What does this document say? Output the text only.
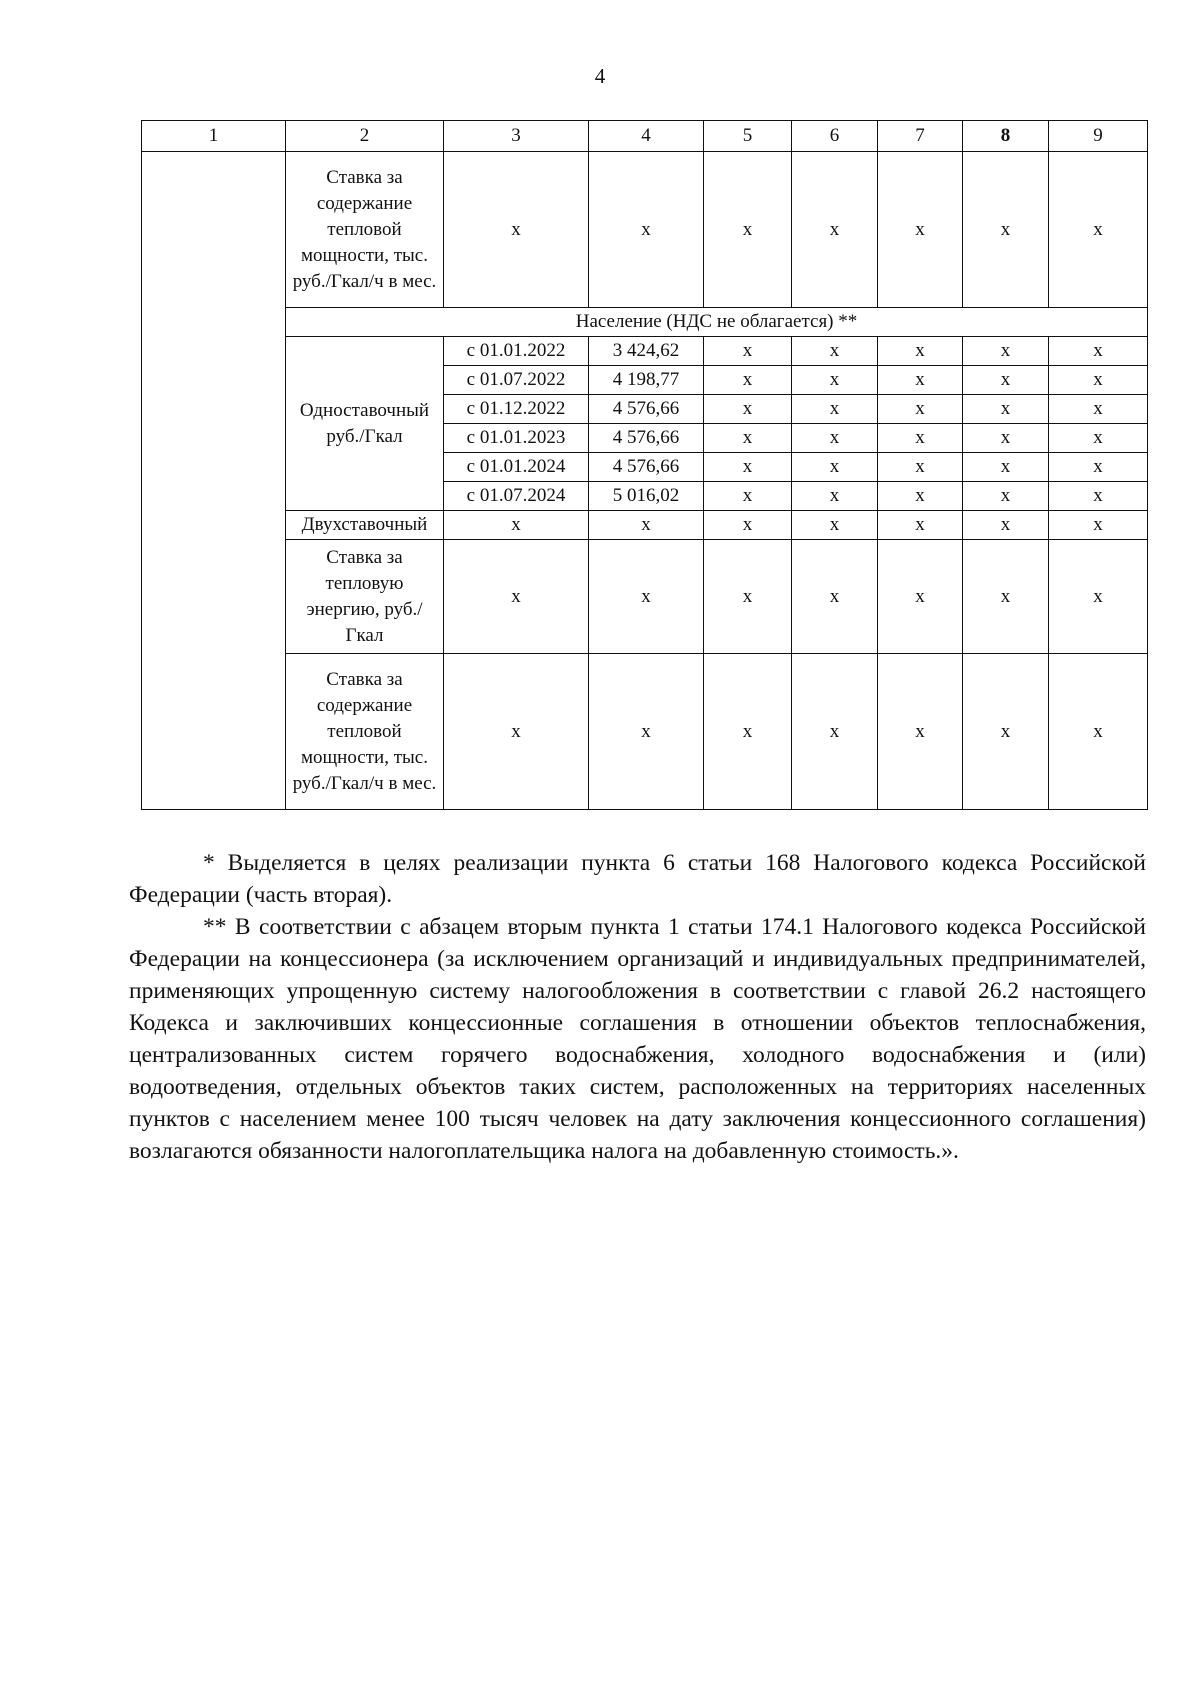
4
1	2	3	4	5	6	7	8	9
	Ставка за содержание тепловой мощности, тыс. руб./Гкал/ч в мес.	х	х	х	х	х	х	х
	Население (НДС не облагается) **							
	Одноставочный руб./Гкал	с 01.01.2022	3 424,62	х	х	х	х	х
		с 01.07.2022	4 198,77	х	х	х	х	х
		с 01.12.2022	4 576,66	х	х	х	х	х
		с 01.01.2023	4 576,66	х	х	х	х	х
		с 01.01.2024	4 576,66	х	х	х	х	х
		с 01.07.2024	5 016,02	х	х	х	х	х
	Двухставочный	х	х	х	х	х	х	х
	Ставка за тепловую энергию, руб./Гкал	х	х	х	х	х	х	х
	Ставка за содержание тепловой мощности, тыс. руб./Гкал/ч в мес.	х	х	х	х	х	х	х

* Выделяется в целях реализации пункта 6 статьи 168 Налогового кодекса Российской Федерации (часть вторая).

** В соответствии с абзацем вторым пункта 1 статьи 174.1 Налогового кодекса Российской Федерации на концессионера (за исключением организаций и индивидуальных предпринимателей, применяющих упрощенную систему налогообложения в соответствии с главой 26.2 настоящего Кодекса и заключивших концессионные соглашения в отношении объектов теплоснабжения, централизованных систем горячего водоснабжения, холодного водоснабжения и (или) водоотведения, отдельных объектов таких систем, расположенных на территориях населенных пунктов с населением менее 100 тысяч человек на дату заключения концессионного соглашения) возлагаются обязанности налогоплательщика налога на добавленную стоимость.».
